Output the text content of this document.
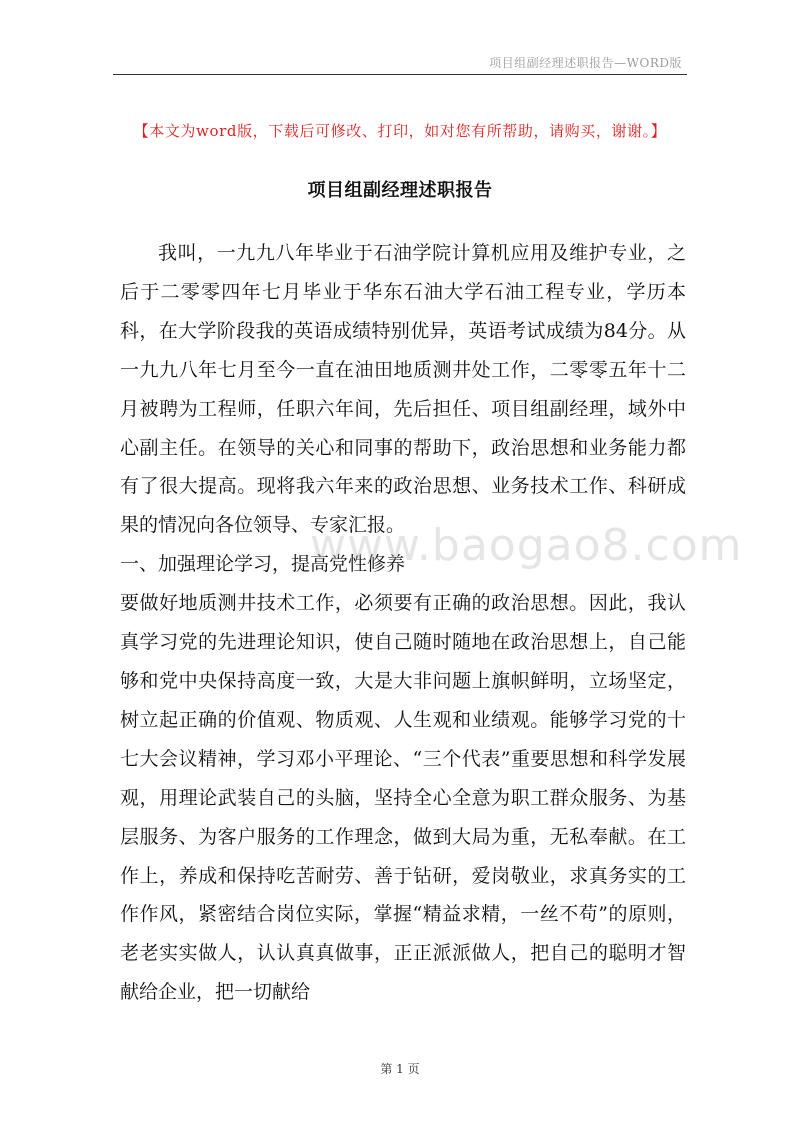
项目组副经理述职报告—WORD版
【本文为word版，下载后可修改、打印，如对您有所帮助，请购买，谢谢。】
项目组副经理述职报告

我叫，一九九八年毕业于石油学院计算机应用及维护专业，之后于二零零四年七月毕业于华东石油大学石油工程专业，学历本科，在大学阶段我的英语成绩特别优异，英语考试成绩为84分。从一九九八年七月至今一直在油田地质测井处工作，二零零五年十二月被聘为工程师，任职六年间，先后担任、项目组副经理，域外中心副主任。在领导的关心和同事的帮助下，政治思想和业务能力都有了很大提高。现将我六年来的政治思想、业务技术工作、科研成果的情况向各位领导、专家汇报。

一、加强理论学习，提高党性修养

要做好地质测井技术工作，必须要有正确的政治思想。因此，我认真学习党的先进理论知识，使自己随时随地在政治思想上，自己能够和党中央保持高度一致，大是大非问题上旗帜鲜明，立场坚定，树立起正确的价值观、物质观、人生观和业绩观。能够学习党的十七大会议精神，学习邓小平理论、“三个代表”重要思想和科学发展观，用理论武装自己的头脑，坚持全心全意为职工群众服务、为基层服务、为客户服务的工作理念，做到大局为重，无私奉献。在工作上，养成和保持吃苦耐劳、善于钻研，爱岗敬业，求真务实的工作作风，紧密结合岗位实际，掌握“精益求精，一丝不苟”的原则，老老实实做人，认认真真做事，正正派派做人，把自己的聪明才智献给企业，把一切献给

www.baogao8.com
第 1 页
